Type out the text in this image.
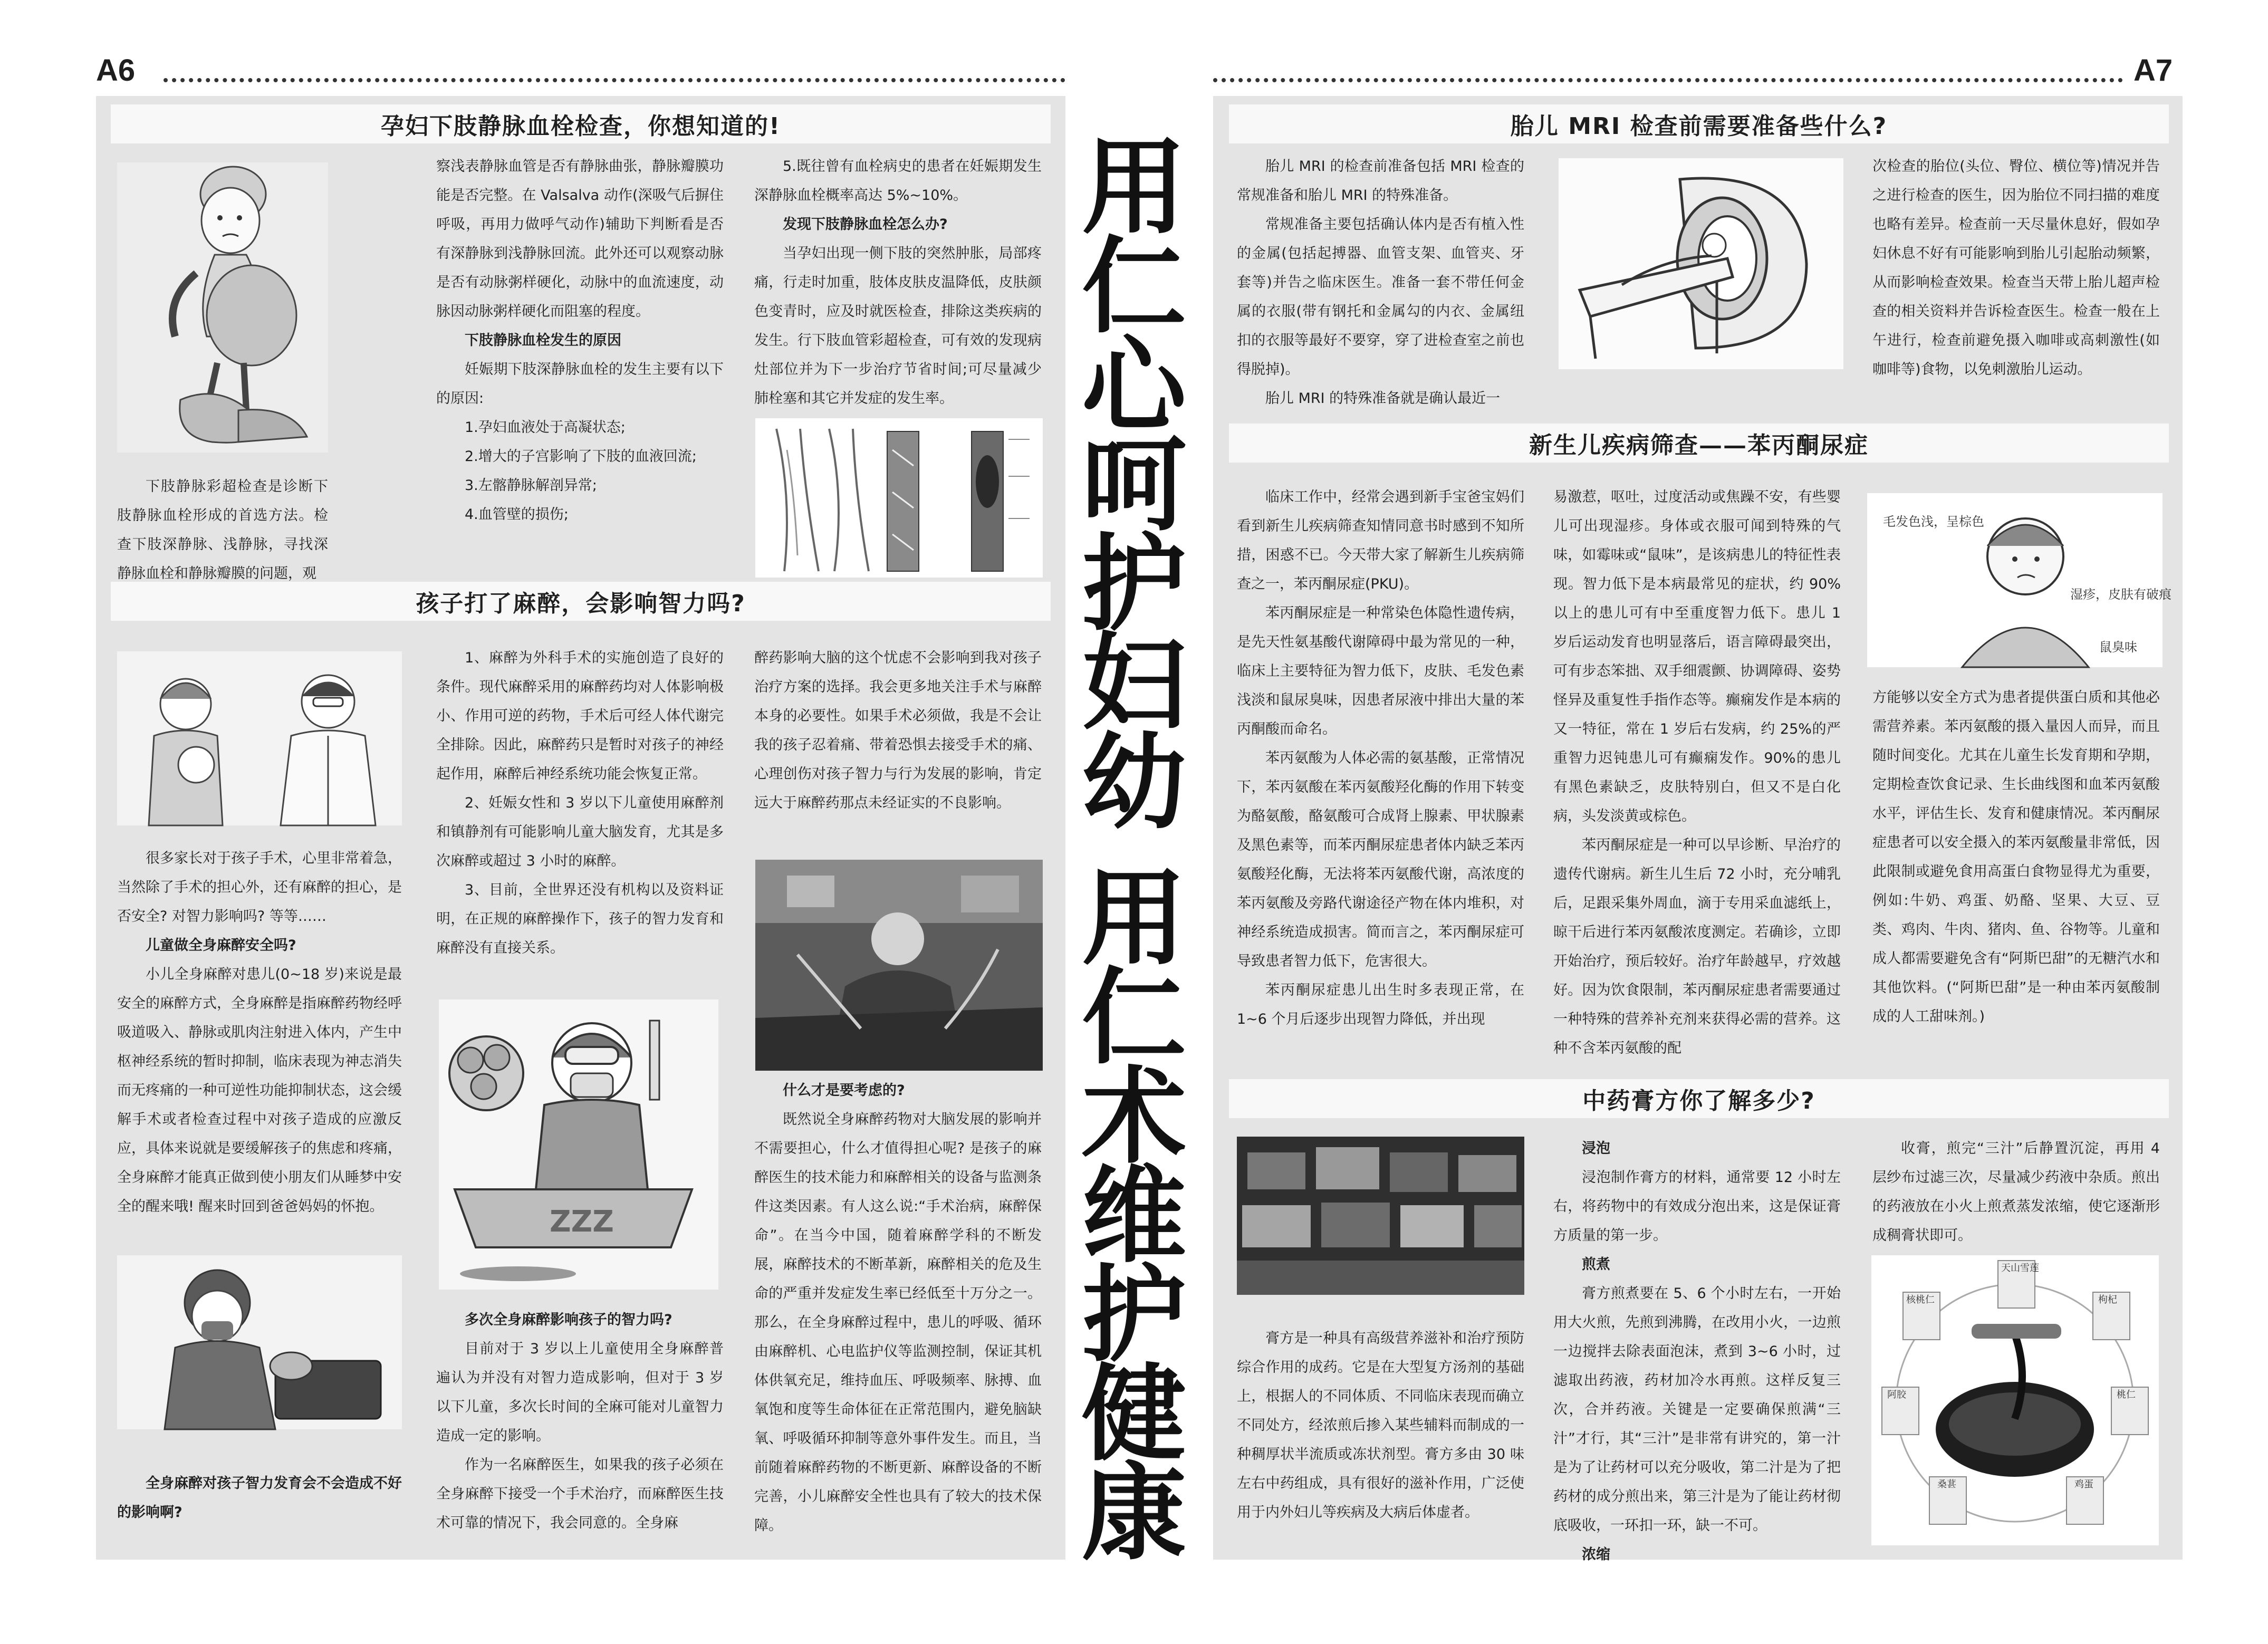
A6	A7
用
仁
心
呵
护
妇
幼
用
仁
术
维
护
健
康
孕妇下肢静脉血栓检查，你想知道的!

下肢静脉彩超检查是诊断下肢静脉血栓形成的首选方法。检查下肢深静脉、浅静脉，寻找深静脉血栓和静脉瓣膜的问题，观

察浅表静脉血管是否有静脉曲张，静脉瓣膜功能是否完整。在 Valsalva 动作(深吸气后摒住呼吸，再用力做呼气动作)辅助下判断看是否有深静脉到浅静脉回流。此外还可以观察动脉是否有动脉粥样硬化，动脉中的血流速度，动脉因动脉粥样硬化而阻塞的程度。

下肢静脉血栓发生的原因

妊娠期下肢深静脉血栓的发生主要有以下的原因:

1.孕妇血液处于高凝状态;

2.增大的子宫影响了下肢的血液回流;

3.左髂静脉解剖异常;

4.血管壁的损伤;

5.既往曾有血栓病史的患者在妊娠期发生深静脉血栓概率高达 5%~10%。

发现下肢静脉血栓怎么办?

当孕妇出现一侧下肢的突然肿胀，局部疼痛，行走时加重，肢体皮肤皮温降低，皮肤颜色变青时，应及时就医检查，排除这类疾病的发生。行下肢血管彩超检查，可有效的发现病灶部位并为下一步治疗节省时间;可尽量减少肺栓塞和其它并发症的发生率。

孩子打了麻醉，会影响智力吗?

很多家长对于孩子手术，心里非常着急，当然除了手术的担心外，还有麻醉的担心，是否安全? 对智力影响吗? 等等……

儿童做全身麻醉安全吗?

小儿全身麻醉对患儿(0~18 岁)来说是最安全的麻醉方式，全身麻醉是指麻醉药物经呼吸道吸入、静脉或肌肉注射进入体内，产生中枢神经系统的暂时抑制，临床表现为神志消失而无疼痛的一种可逆性功能抑制状态，这会缓解手术或者检查过程中对孩子造成的应激反应，具体来说就是要缓解孩子的焦虑和疼痛，全身麻醉才能真正做到使小朋友们从睡梦中安全的醒来哦! 醒来时回到爸爸妈妈的怀抱。

全身麻醉对孩子智力发育会不会造成不好的影响啊?

1、麻醉为外科手术的实施创造了良好的条件。现代麻醉采用的麻醉药均对人体影响极小、作用可逆的药物，手术后可经人体代谢完全排除。因此，麻醉药只是暂时对孩子的神经起作用，麻醉后神经系统功能会恢复正常。

2、妊娠女性和 3 岁以下儿童使用麻醉剂和镇静剂有可能影响儿童大脑发育，尤其是多次麻醉或超过 3 小时的麻醉。

3、目前，全世界还没有机构以及资料证明，在正规的麻醉操作下，孩子的智力发育和麻醉没有直接关系。

ZZZ

多次全身麻醉影响孩子的智力吗?

目前对于 3 岁以上儿童使用全身麻醉普遍认为并没有对智力造成影响，但对于 3 岁以下儿童，多次长时间的全麻可能对儿童智力造成一定的影响。

作为一名麻醉医生，如果我的孩子必须在全身麻醉下接受一个手术治疗，而麻醉医生技术可靠的情况下，我会同意的。全身麻

醉药影响大脑的这个忧虑不会影响到我对孩子治疗方案的选择。我会更多地关注手术与麻醉本身的必要性。如果手术必须做，我是不会让我的孩子忍着痛、带着恐惧去接受手术的痛、心理创伤对孩子智力与行为发展的影响，肯定远大于麻醉药那点未经证实的不良影响。

什么才是要考虑的?

既然说全身麻醉药物对大脑发展的影响并不需要担心，什么才值得担心呢? 是孩子的麻醉医生的技术能力和麻醉相关的设备与监测条件这类因素。有人这么说:“手术治病，麻醉保命”。在当今中国，随着麻醉学科的不断发展，麻醉技术的不断革新，麻醉相关的危及生命的严重并发症发生率已经低至十万分之一。那么，在全身麻醉过程中，患儿的呼吸、循环由麻醉机、心电监护仪等监测控制，保证其机体供氧充足，维持血压、呼吸频率、脉搏、血氧饱和度等生命体征在正常范围内，避免脑缺氧、呼吸循环抑制等意外事件发生。而且，当前随着麻醉药物的不断更新、麻醉设备的不断完善，小儿麻醉安全性也具有了较大的技术保障。

胎儿 MRI 检查前需要准备些什么?

胎儿 MRI 的检查前准备包括 MRI 检查的常规准备和胎儿 MRI 的特殊准备。

常规准备主要包括确认体内是否有植入性的金属(包括起搏器、血管支架、血管夹、牙套等)并告之临床医生。准备一套不带任何金属的衣服(带有钢托和金属勾的内衣、金属纽扣的衣服等最好不要穿，穿了进检查室之前也得脱掉)。

胎儿 MRI 的特殊准备就是确认最近一

次检查的胎位(头位、臀位、横位等)情况并告之进行检查的医生，因为胎位不同扫描的难度也略有差异。检查前一天尽量休息好，假如孕妇休息不好有可能影响到胎儿引起胎动频繁，从而影响检查效果。检查当天带上胎儿超声检查的相关资料并告诉检查医生。检查一般在上午进行，检查前避免摄入咖啡或高刺激性(如咖啡等)食物，以免刺激胎儿运动。

新生儿疾病筛查——苯丙酮尿症

临床工作中，经常会遇到新手宝爸宝妈们看到新生儿疾病筛查知情同意书时感到不知所措，困惑不已。今天带大家了解新生儿疾病筛查之一，苯丙酮尿症(PKU)。

苯丙酮尿症是一种常染色体隐性遗传病，是先天性氨基酸代谢障碍中最为常见的一种，临床上主要特征为智力低下，皮肤、毛发色素浅淡和鼠尿臭味，因患者尿液中排出大量的苯丙酮酸而命名。

苯丙氨酸为人体必需的氨基酸，正常情况下，苯丙氨酸在苯丙氨酸羟化酶的作用下转变为酪氨酸，酪氨酸可合成肾上腺素、甲状腺素及黑色素等，而苯丙酮尿症患者体内缺乏苯丙氨酸羟化酶，无法将苯丙氨酸代谢，高浓度的苯丙氨酸及旁路代谢途径产物在体内堆积，对神经系统造成损害。简而言之，苯丙酮尿症可导致患者智力低下，危害很大。

苯丙酮尿症患儿出生时多表现正常，在 1~6 个月后逐步出现智力降低，并出现

易激惹，呕吐，过度活动或焦躁不安，有些婴儿可出现湿疹。身体或衣服可闻到特殊的气味，如霉味或“鼠味”，是该病患儿的特征性表现。智力低下是本病最常见的症状，约 90%以上的患儿可有中至重度智力低下。患儿 1 岁后运动发育也明显落后，语言障碍最突出，可有步态笨拙、双手细震颤、协调障碍、姿势怪异及重复性手指作态等。癫痫发作是本病的又一特征，常在 1 岁后右发病，约 25%的严重智力迟钝患儿可有癫痫发作。90%的患儿有黑色素缺乏，皮肤特别白，但又不是白化病，头发淡黄或棕色。

苯丙酮尿症是一种可以早诊断、早治疗的遗传代谢病。新生儿生后 72 小时，充分哺乳后，足跟采集外周血，滴于专用采血滤纸上，晾干后进行苯丙氨酸浓度测定。若确诊，立即开始治疗，预后较好。治疗年龄越早，疗效越好。因为饮食限制，苯丙酮尿症患者需要通过一种特殊的营养补充剂来获得必需的营养。这种不含苯丙氨酸的配

毛发色浅，呈棕色
湿疹，皮肤有破痕
鼠臭味

方能够以安全方式为患者提供蛋白质和其他必需营养素。苯丙氨酸的摄入量因人而异，而且随时间变化。尤其在儿童生长发育期和孕期，定期检查饮食记录、生长曲线图和血苯丙氨酸水平，评估生长、发育和健康情况。苯丙酮尿症患者可以安全摄入的苯丙氨酸量非常低，因此限制或避免食用高蛋白食物显得尤为重要，例如:牛奶、鸡蛋、奶酪、坚果、大豆、豆类、鸡肉、牛肉、猪肉、鱼、谷物等。儿童和成人都需要避免含有“阿斯巴甜”的无糖汽水和其他饮料。(“阿斯巴甜”是一种由苯丙氨酸制成的人工甜味剂。)

中药膏方你了解多少?

膏方是一种具有高级营养滋补和治疗预防综合作用的成药。它是在大型复方汤剂的基础上，根据人的不同体质、不同临床表现而确立不同处方，经浓煎后掺入某些辅料而制成的一种稠厚状半流质或冻状剂型。膏方多由 30 味左右中药组成，具有很好的滋补作用，广泛使用于内外妇儿等疾病及大病后体虚者。

浸泡

浸泡制作膏方的材料，通常要 12 小时左右，将药物中的有效成分泡出来，这是保证膏方质量的第一步。

煎煮

膏方煎煮要在 5、6 个小时左右，一开始用大火煎，先煎到沸腾，在改用小火，一边煎一边搅拌去除表面泡沫，煮到 3~6 小时，过滤取出药液，药材加冷水再煎。这样反复三次，合并药液。关键是一定要确保煎满“三汁”才行，其“三汁”是非常有讲究的，第一汁是为了让药材可以充分吸收，第二汁是为了把药材的成分煎出来，第三汁是为了能让药材彻底吸收，一环扣一环，缺一不可。

浓缩

收膏，煎完“三汁”后静置沉淀，再用 4 层纱布过滤三次，尽量减少药液中杂质。煎出的药液放在小火上煎煮蒸发浓缩，使它逐渐形成稠膏状即可。

核桃仁
天山雪莲
枸杞
阿胶	桃仁
桑葚	鸡蛋
